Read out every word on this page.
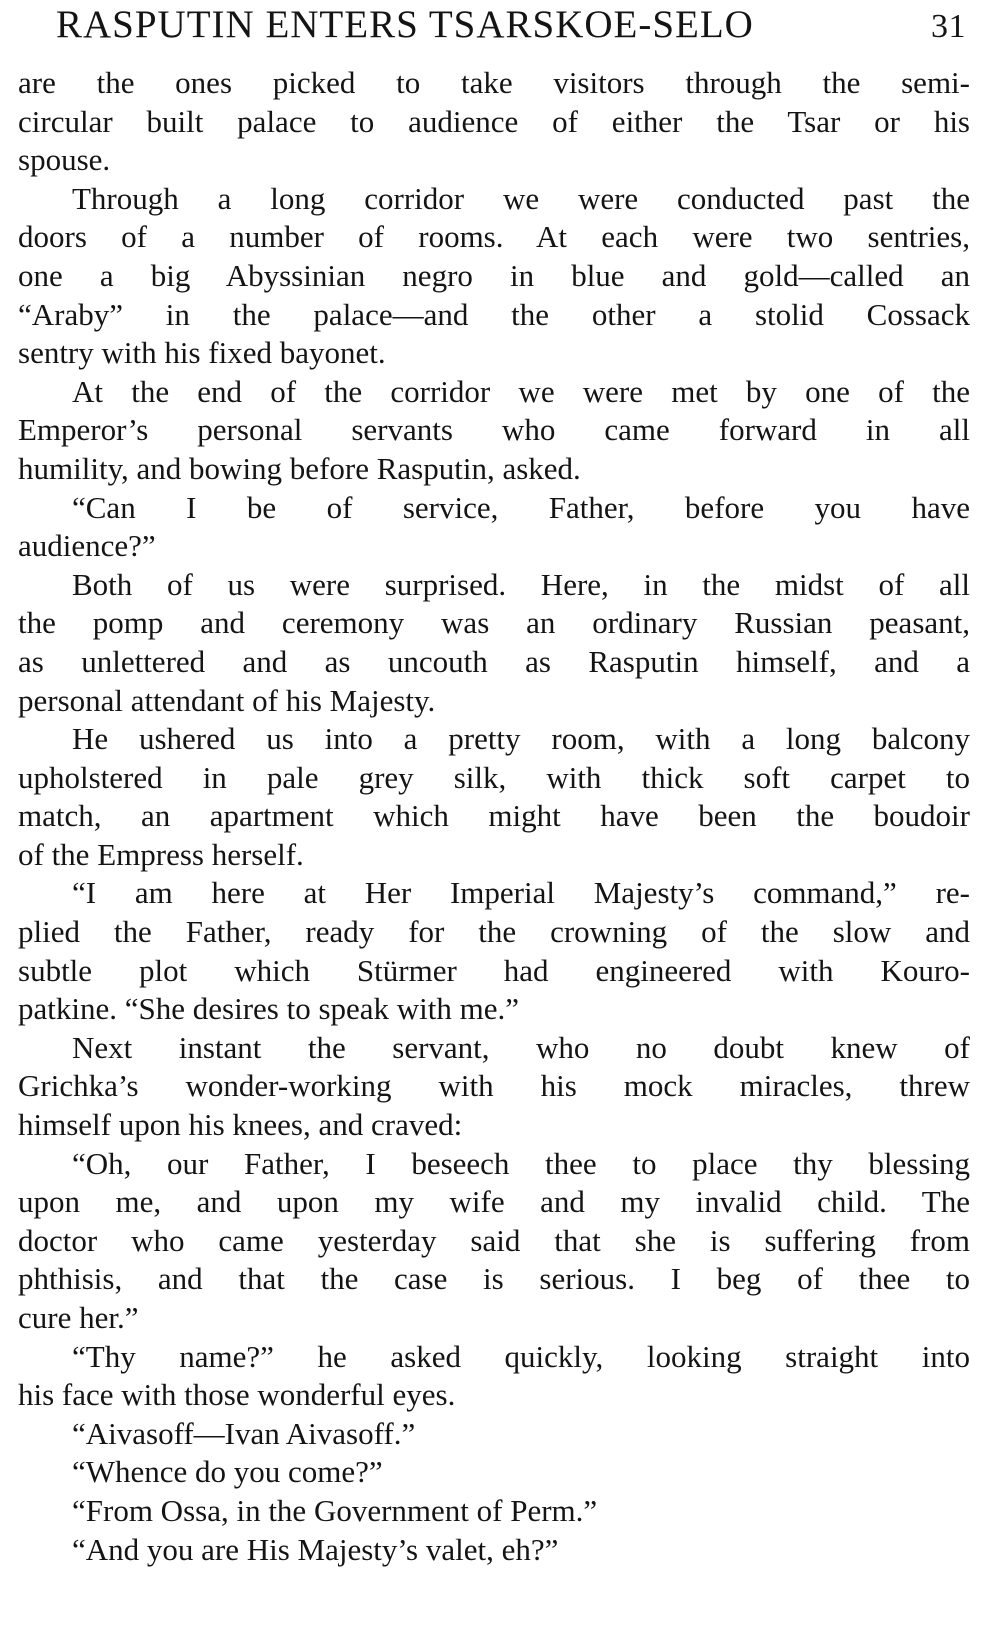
RASPUTIN ENTERS TSARSKOE-SELO	31
are the ones picked to take visitors through the semi-
circular built palace to audience of either the Tsar or his
spouse.
Through a long corridor we were conducted past the
doors of a number of rooms. At each were two sentries,
one a big Abyssinian negro in blue and gold—called an
“Araby” in the palace—and the other a stolid Cossack
sentry with his fixed bayonet.
At the end of the corridor we were met by one of the
Emperor’s personal servants who came forward in all
humility, and bowing before Rasputin, asked.
“Can I be of service, Father, before you have
audience?”
Both of us were surprised. Here, in the midst of all
the pomp and ceremony was an ordinary Russian peasant,
as unlettered and as uncouth as Rasputin himself, and a
personal attendant of his Majesty.
He ushered us into a pretty room, with a long balcony
upholstered in pale grey silk, with thick soft carpet to
match, an apartment which might have been the boudoir
of the Empress herself.
“I am here at Her Imperial Majesty’s command,” re-
plied the Father, ready for the crowning of the slow and
subtle plot which Stürmer had engineered with Kouro-
patkine. “She desires to speak with me.”
Next instant the servant, who no doubt knew of
Grichka’s wonder-working with his mock miracles, threw
himself upon his knees, and craved:
“Oh, our Father, I beseech thee to place thy blessing
upon me, and upon my wife and my invalid child. The
doctor who came yesterday said that she is suffering from
phthisis, and that the case is serious. I beg of thee to
cure her.”
“Thy name?” he asked quickly, looking straight into
his face with those wonderful eyes.
“Aivasoff—Ivan Aivasoff.”
“Whence do you come?”
“From Ossa, in the Government of Perm.”
“And you are His Majesty’s valet, eh?”
